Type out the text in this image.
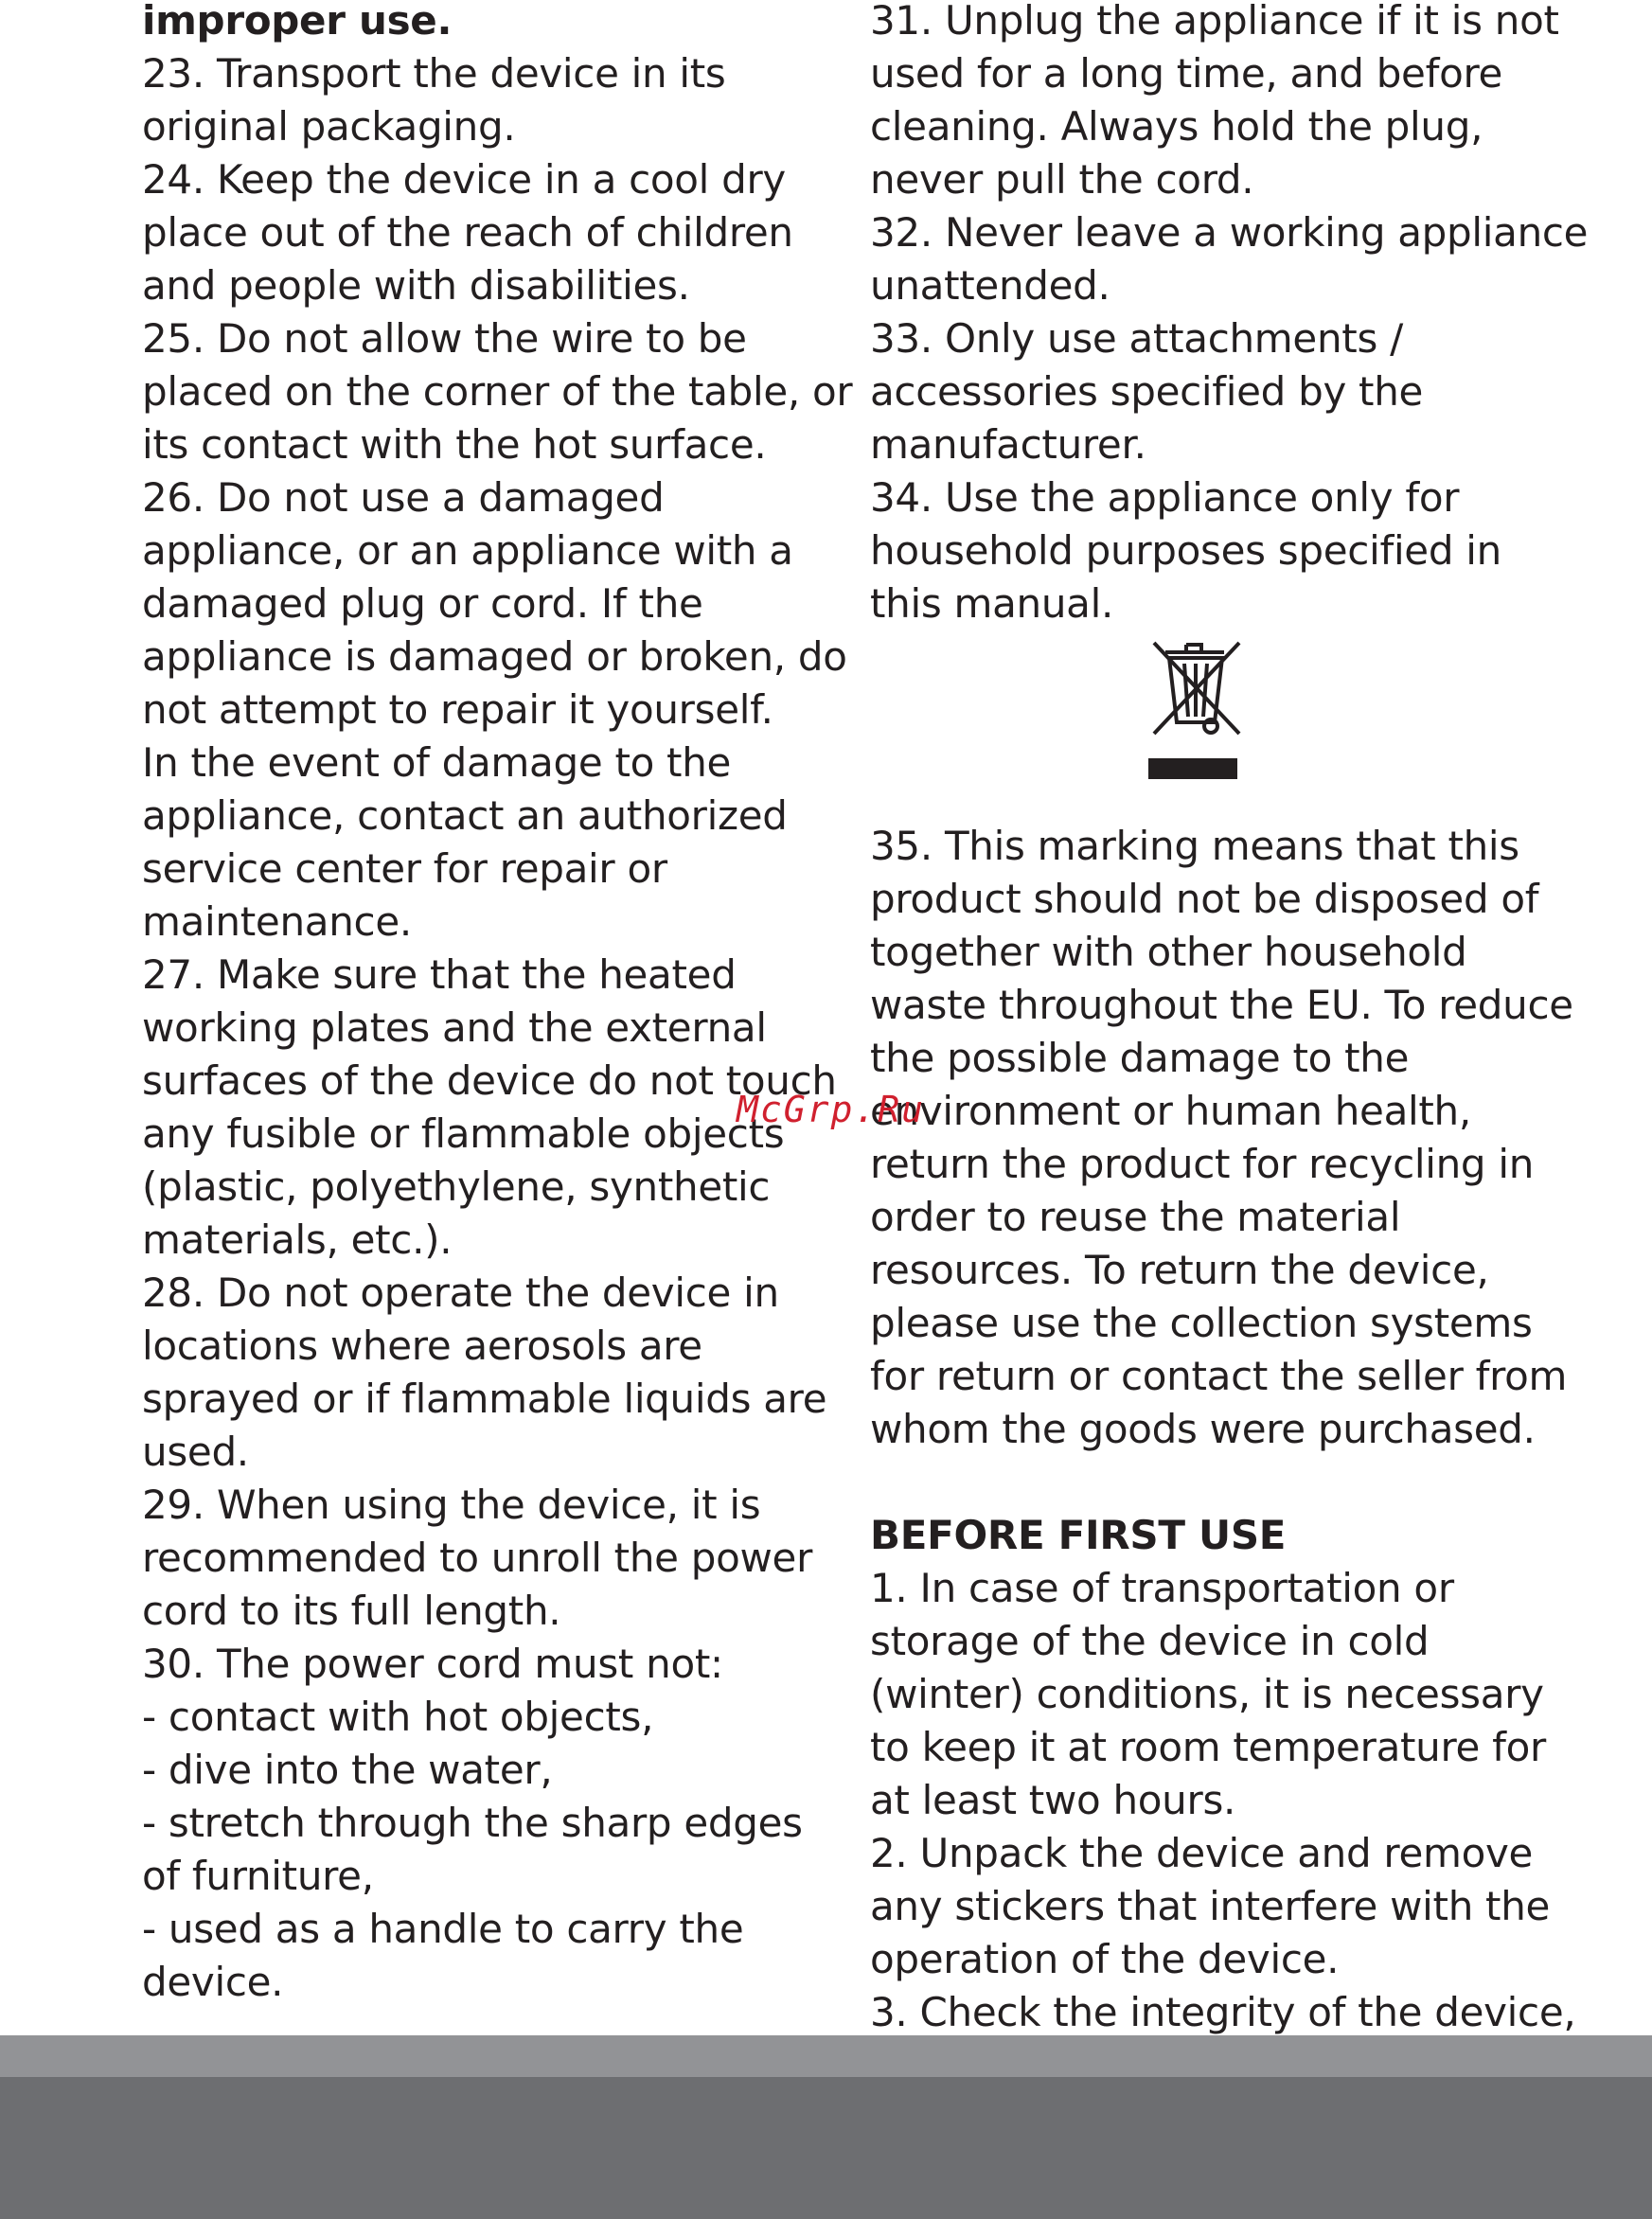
improper use.
23. Transport the device in its
original packaging.
24. Keep the device in a cool dry
place out of the reach of children
and people with disabilities.
25. Do not allow the wire to be
placed on the corner of the table, or
its contact with the hot surface.
26. Do not use a damaged
appliance, or an appliance with a
damaged plug or cord. If the
appliance is damaged or broken, do
not attempt to repair it yourself.
In the event of damage to the
appliance, contact an authorized
service center for repair or
maintenance.
27. Make sure that the heated
working plates and the external
surfaces of the device do not touch
any fusible or flammable objects
(plastic, polyethylene, synthetic
materials, etc.).
28. Do not operate the device in
locations where aerosols are
sprayed or if flammable liquids are
used.
29. When using the device, it is
recommended to unroll the power
cord to its full length.
30. The power cord must not:
- contact with hot objects,
- dive into the water,
- stretch through the sharp edges
of furniture,
- used as a handle to carry the
device.
31. Unplug the appliance if it is not
used for a long time, and before
cleaning. Always hold the plug,
never pull the cord.
32. Never leave a working appliance
unattended.
33. Only use attachments /
accessories specified by the
manufacturer.
34. Use the appliance only for
household purposes specified in
this manual.
35. This marking means that this
product should not be disposed of
together with other household
waste throughout the EU. To reduce
the possible damage to the
environment or human health,
return the product for recycling in
order to reuse the material
resources. To return the device,
please use the collection systems
for return or contact the seller from
whom the goods were purchased.
BEFORE FIRST USE
1. In case of transportation or
storage of the device in cold
(winter) conditions, it is necessary
to keep it at room temperature for
at least two hours.
2. Unpack the device and remove
any stickers that interfere with the
operation of the device.
3. Check the integrity of the device,
McGrp.Ru
